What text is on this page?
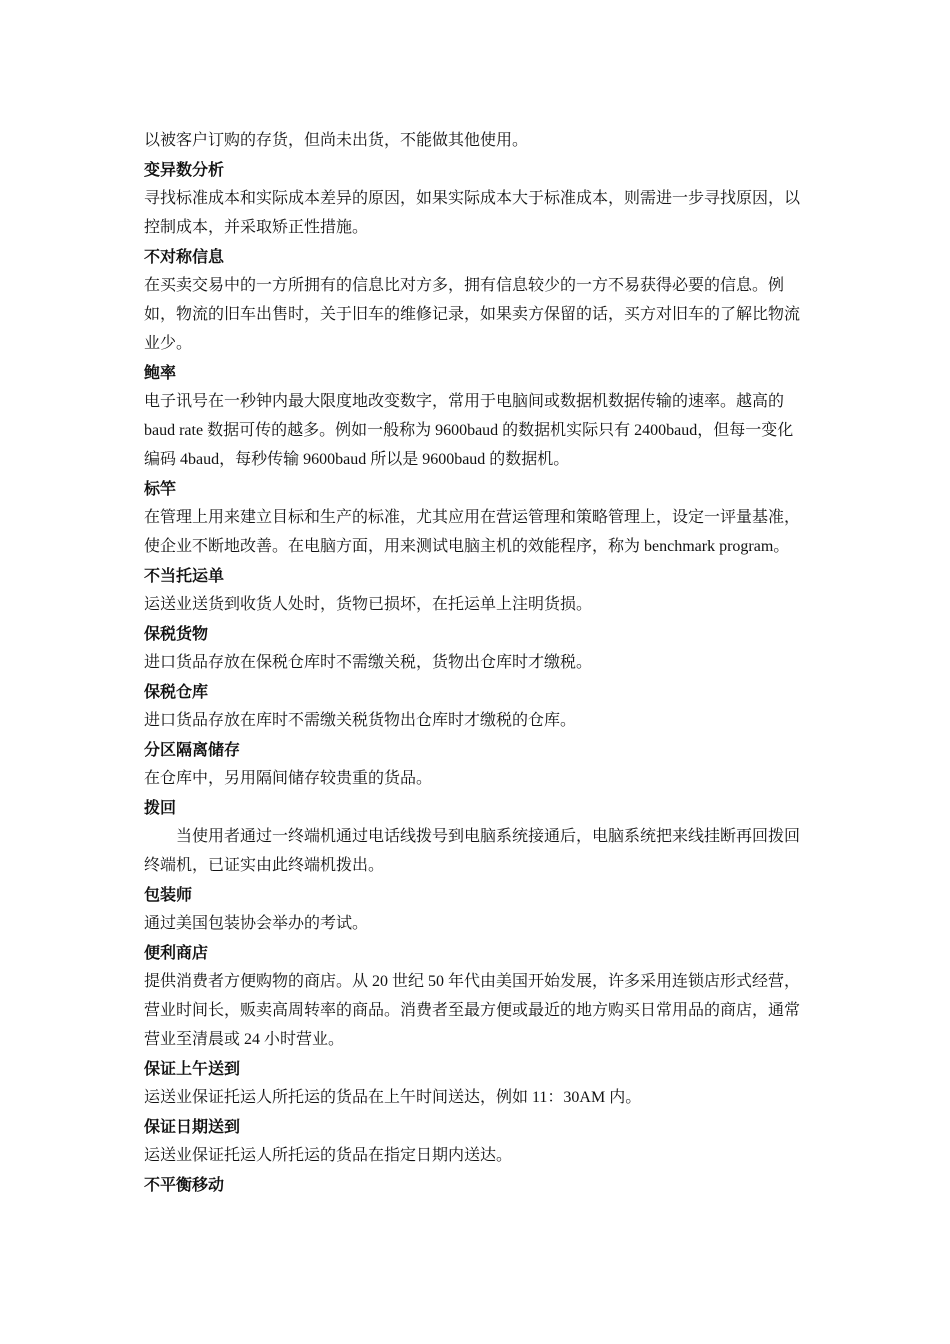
以被客户订购的存货，但尚未出货，不能做其他使用。

变异数分析

寻找标准成本和实际成本差异的原因，如果实际成本大于标准成本，则需进一步寻找原因，以控制成本，并采取矫正性措施。

不对称信息

在买卖交易中的一方所拥有的信息比对方多，拥有信息较少的一方不易获得必要的信息。例如，物流的旧车出售时，关于旧车的维修记录，如果卖方保留的话，买方对旧车的了解比物流业少。

鲍率

电子讯号在一秒钟内最大限度地改变数字，常用于电脑间或数据机数据传输的速率。越高的 baud rate 数据可传的越多。例如一般称为 9600baud 的数据机实际只有 2400baud，但每一变化编码 4baud，每秒传输 9600baud 所以是 9600baud 的数据机。

标竿

在管理上用来建立目标和生产的标准，尤其应用在营运管理和策略管理上，设定一评量基准，使企业不断地改善。在电脑方面，用来测试电脑主机的效能程序，称为 benchmark program。

不当托运单

运送业送货到收货人处时，货物已损坏，在托运单上注明货损。

保税货物

进口货品存放在保税仓库时不需缴关税，货物出仓库时才缴税。

保税仓库

进口货品存放在库时不需缴关税货物出仓库时才缴税的仓库。

分区隔离储存

在仓库中，另用隔间储存较贵重的货品。

拨回

当使用者通过一终端机通过电话线拨号到电脑系统接通后，电脑系统把来线挂断再回拨回终端机，已证实由此终端机拨出。

包装师

通过美国包装协会举办的考试。

便利商店

提供消费者方便购物的商店。从 20 世纪 50 年代由美国开始发展，许多采用连锁店形式经营，营业时间长，贩卖高周转率的商品。消费者至最方便或最近的地方购买日常用品的商店，通常营业至清晨或 24 小时营业。

保证上午送到

运送业保证托运人所托运的货品在上午时间送达，例如 11：30AM 内。

保证日期送到

运送业保证托运人所托运的货品在指定日期内送达。

不平衡移动
